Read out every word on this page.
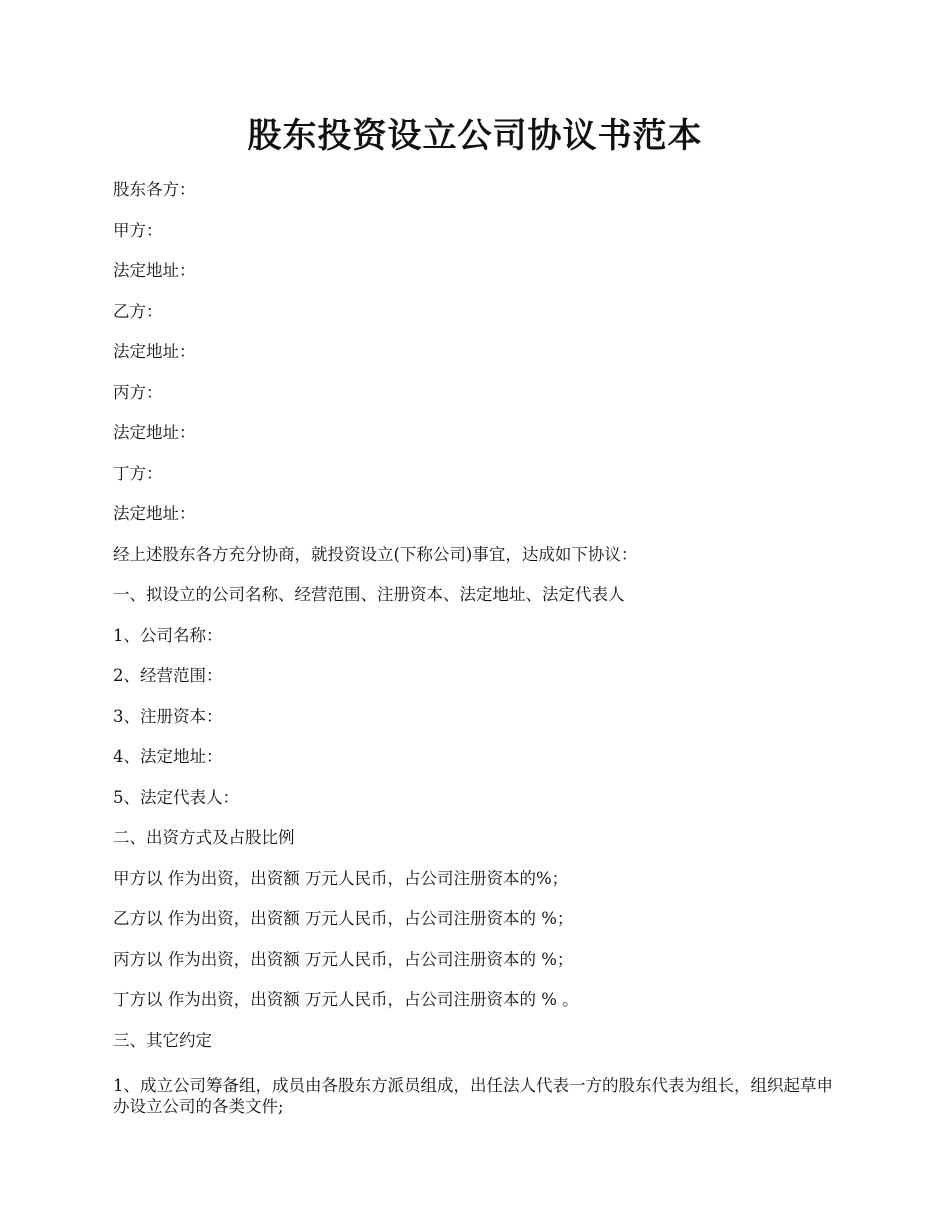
股东投资设立公司协议书范本

股东各方：

甲方：

法定地址：

乙方：

法定地址：

丙方：

法定地址：

丁方：

法定地址：

经上述股东各方充分协商，就投资设立(下称公司)事宜，达成如下协议：

一、拟设立的公司名称、经营范围、注册资本、法定地址、法定代表人

1、公司名称：

2、经营范围：

3、注册资本：

4、法定地址：

5、法定代表人：

二、出资方式及占股比例

甲方以 作为出资，出资额 万元人民币，占公司注册资本的%；

乙方以 作为出资，出资额 万元人民币，占公司注册资本的 %；

丙方以 作为出资，出资额 万元人民币，占公司注册资本的 %；

丁方以 作为出资，出资额 万元人民币，占公司注册资本的 % 。

三、其它约定

1、成立公司筹备组，成员由各股东方派员组成，出任法人代表一方的股东代表为组长，组织起草申办设立公司的各类文件;
